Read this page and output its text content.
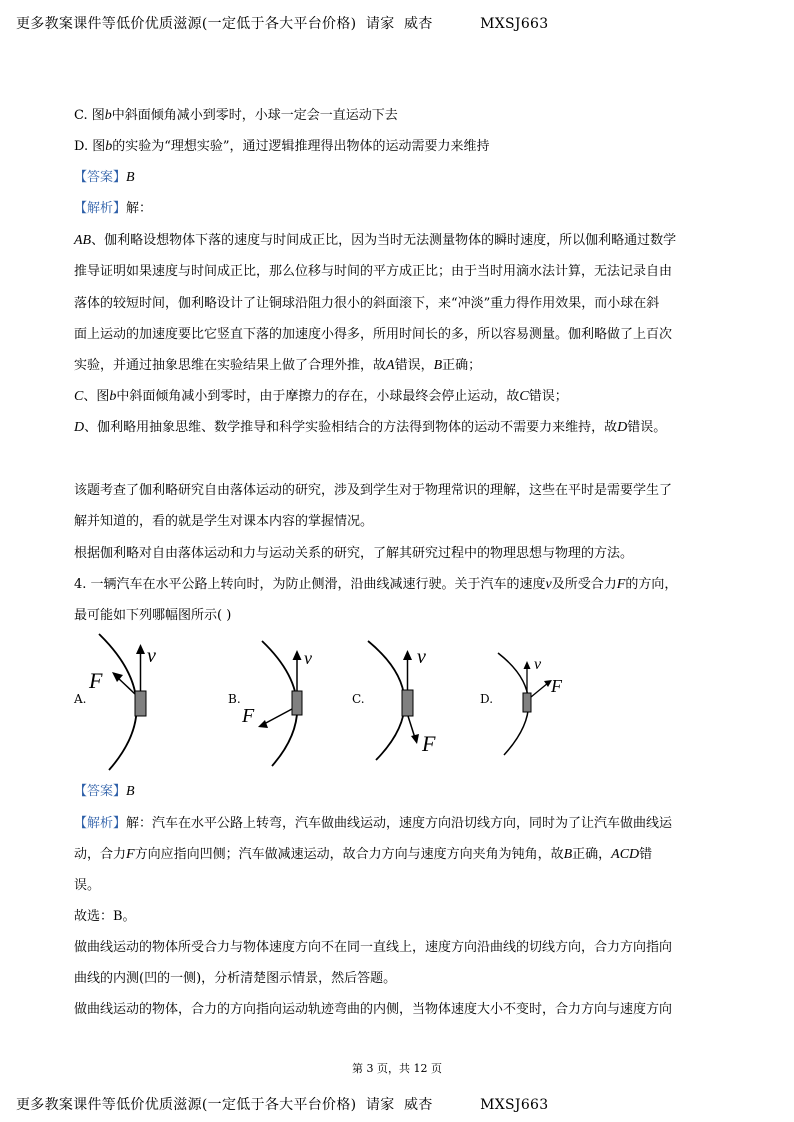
更多教案课件等低价优质滋源(一定低于各大平台价格)  请家  威杏          MXSJ663
C. 图b中斜面倾角减小到零时，小球一定会一直运动下去
D. 图b的实验为“理想实验”，通过逻辑推理得出物体的运动需要力来维持
【答案】B
【解析】解：
AB、伽利略设想物体下落的速度与时间成正比，因为当时无法测量物体的瞬时速度，所以伽利略通过数学
推导证明如果速度与时间成正比，那么位移与时间的平方成正比；由于当时用滴水法计算，无法记录自由
落体的较短时间，伽利略设计了让铜球沿阻力很小的斜面滚下，来“冲淡”重力得作用效果，而小球在斜
面上运动的加速度要比它竖直下落的加速度小得多，所用时间长的多，所以容易测量。伽利略做了上百次
实验，并通过抽象思维在实验结果上做了合理外推，故A错误，B正确；
C、图b中斜面倾角减小到零时，由于摩擦力的存在，小球最终会停止运动，故C错误；
D、伽利略用抽象思维、数学推导和科学实验相结合的方法得到物体的运动不需要力来维持，故D错误。
该题考查了伽利略研究自由落体运动的研究，涉及到学生对于物理常识的理解，这些在平时是需要学生了
解并知道的，看的就是学生对课本内容的掌握情况。
根据伽利略对自由落体运动和力与运动关系的研究，了解其研究过程中的物理思想与物理的方法。
4. 一辆汽车在水平公路上转向时，为防止侧滑，沿曲线减速行驶。关于汽车的速度v及所受合力F的方向，
最可能如下列哪幅图所示( )
A.
v
F
B.
v
F
C.
v
F
D.
v
F
【答案】B
【解析】解：汽车在水平公路上转弯，汽车做曲线运动，速度方向沿切线方向，同时为了让汽车做曲线运
动，合力F方向应指向凹侧；汽车做减速运动，故合力方向与速度方向夹角为钝角，故B正确，ACD错
误。
故选：B。
做曲线运动的物体所受合力与物体速度方向不在同一直线上，速度方向沿曲线的切线方向，合力方向指向
曲线的内测(凹的一侧)，分析清楚图示情景，然后答题。
做曲线运动的物体，合力的方向指向运动轨迹弯曲的内侧，当物体速度大小不变时，合力方向与速度方向
第 3 页，共 12 页
更多教案课件等低价优质滋源(一定低于各大平台价格)  请家  威杏          MXSJ663
